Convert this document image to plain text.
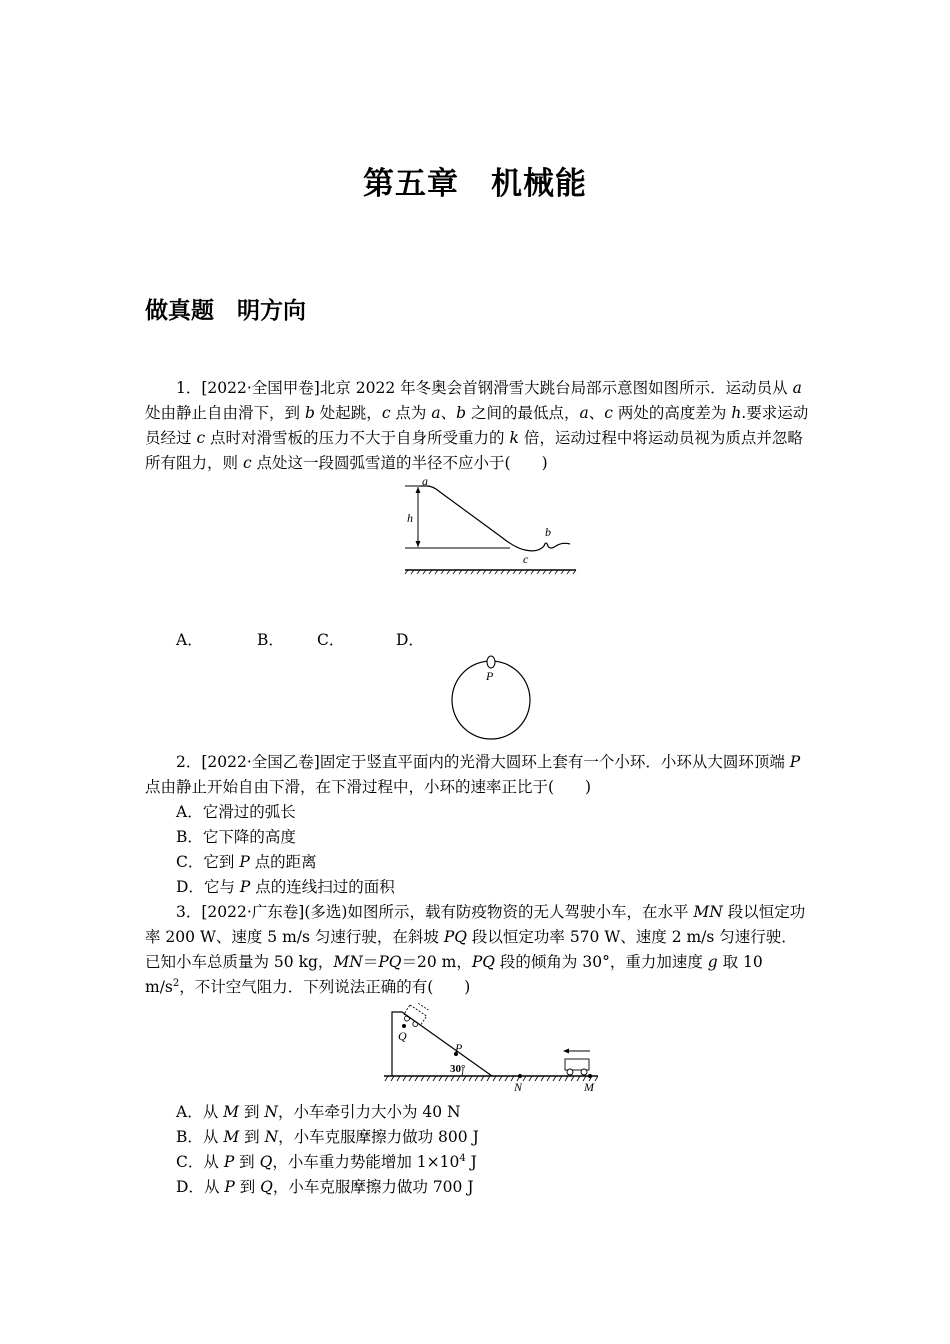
第五章　机械能
做真题　明方向
1．[2022·全国甲卷]北京 2022 年冬奥会首钢滑雪大跳台局部示意图如图所示．运动员从 a 处由静止自由滑下，到 b 处起跳，c 点为 a、b 之间的最低点，a、c 两处的高度差为 h.要求运动员经过 c 点时对滑雪板的压力不大于自身所受重力的 k 倍，运动过程中将运动员视为质点并忽略所有阻力，则 c 点处这一段圆弧雪道的半径不应小于(　　)
a
h
b
c
A．	B． C．	D．
P
2．[2022·全国乙卷]固定于竖直平面内的光滑大圆环上套有一个小环．小环从大圆环顶端 P 点由静止开始自由下滑，在下滑过程中，小环的速率正比于(　　)
A．它滑过的弧长
B．它下降的高度
C．它到 P 点的距离
D．它与 P 点的连线扫过的面积
3．[2022·广东卷](多选)如图所示，载有防疫物资的无人驾驶小车，在水平 MN 段以恒定功率 200 W、速度 5 m/s 匀速行驶，在斜坡 PQ 段以恒定功率 570 W、速度 2 m/s 匀速行驶．已知小车总质量为 50 kg，MN＝PQ＝20 m，PQ 段的倾角为 30°，重力加速度 g 取 10 $m/s^2$，不计空气阻力．下列说法正确的有(　　)
Q
P
30°
N	M
A．从 M 到 N，小车牵引力大小为 40 N
B．从 M 到 N，小车克服摩擦力做功 800 J
C．从 P 到 Q，小车重力势能增加 $1\times 10^4$ J
D．从 P 到 Q，小车克服摩擦力做功 700 J
